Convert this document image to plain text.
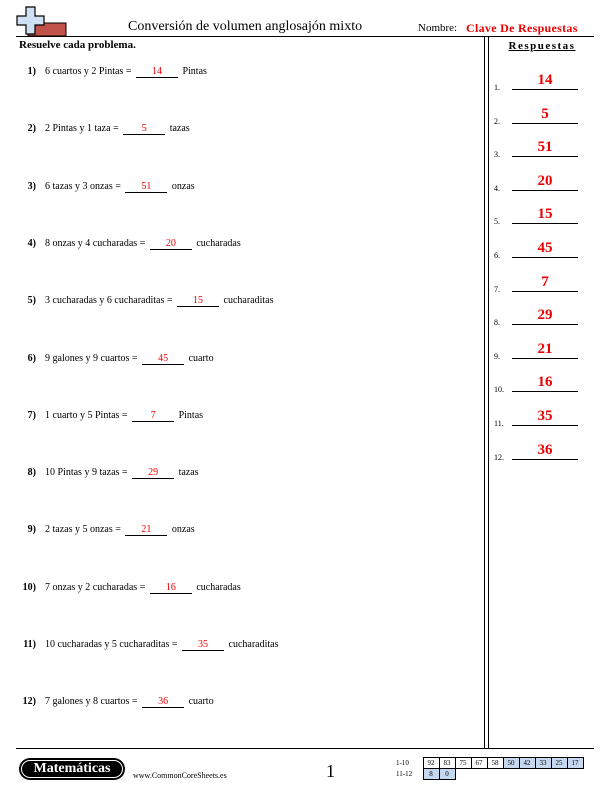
Conversión de volumen anglosajón mixto	Nombre: Clave De Respuestas
Resuelve cada problema.	Respuestas
1) 6 cuartos y 2 Pintas = 14 Pintas
2) 2 Pintas y 1 taza = 5 tazas
3) 6 tazas y 3 onzas = 51 onzas
4) 8 onzas y 4 cucharadas = 20 cucharadas
5) 3 cucharadas y 6 cucharaditas = 15 cucharaditas
6) 9 galones y 9 cuartos = 45 cuarto
7) 1 cuarto y 5 Pintas = 7 Pintas
8) 10 Pintas y 9 tazas = 29 tazas
9) 2 tazas y 5 onzas = 21 onzas
10) 7 onzas y 2 cucharadas = 16 cucharadas
11) 10 cucharadas y 5 cucharaditas = 35 cucharaditas
12) 7 galones y 8 cuartos = 36 cuarto
1.	14
2.	5
3.	51
4.	20
5.	15
6.	45
7.	7
8.	29
9.	21
10.	16
11.	35
12.	36
Matemáticas	www.CommonCoreSheets.es	1	1-10	92	83	75	67	58	50	42	33	25	17
11-12	8	0								
